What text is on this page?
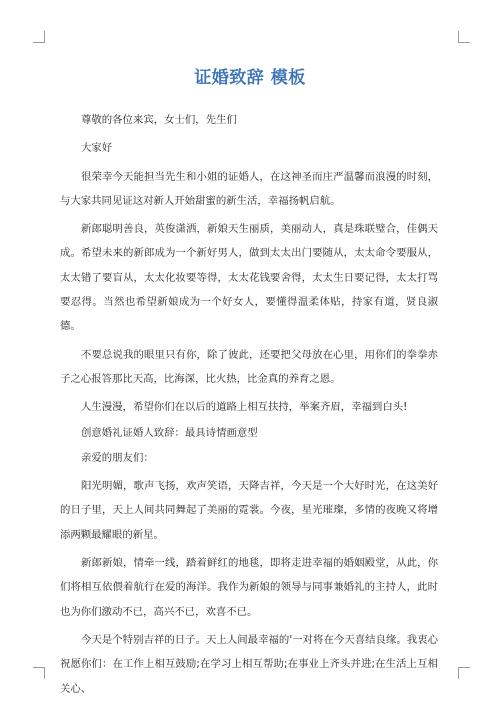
证婚致辞 模板

尊敬的各位来宾，女士们，先生们

大家好

很荣幸今天能担当先生和小姐的证婚人，在这神圣而庄严温馨而浪漫的时刻，与大家共同见证这对新人开始甜蜜的新生活，幸福扬帆启航。

新郎聪明善良，英俊潇洒，新娘天生丽质，美丽动人，真是珠联璧合，佳偶天成。希望未来的新郎成为一个新好男人，做到太太出门要随从，太太命令要服从，太太错了要盲从，太太化妆要等得，太太花钱要舍得，太太生日要记得，太太打骂要忍得。当然也希望新娘成为一个好女人，要懂得温柔体贴，持家有道，贤良淑德。

不要总说我的眼里只有你，除了彼此，还要把父母放在心里，用你们的拳拳赤子之心报答那比天高，比海深，比火热，比金真的养育之恩。

人生漫漫，希望你们在以后的道路上相互扶持，举案齐眉，幸福到白头!

创意婚礼证婚人致辞：最具诗情画意型

亲爱的朋友们：

阳光明媚，歌声飞扬，欢声笑语，天降吉祥，今天是一个大好时光，在这美好的日子里，天上人间共同舞起了美丽的霓裳。今夜，星光璀璨，多情的夜晚又将增添两颗最耀眼的新星。

新郎新娘，情牵一线，踏着鲜红的地毯，即将走进幸福的婚姻殿堂，从此，你们将相互依偎着航行在爱的海洋。我作为新娘的领导与同事兼婚礼的主持人，此时也为你们激动不已，高兴不已，欢喜不已。

今天是个特别吉祥的日子。天上人间最幸福的'一对将在今天喜结良缘。我衷心祝愿你们：在工作上相互鼓励;在学习上相互帮助;在事业上齐头并进;在生活上互相关心、
